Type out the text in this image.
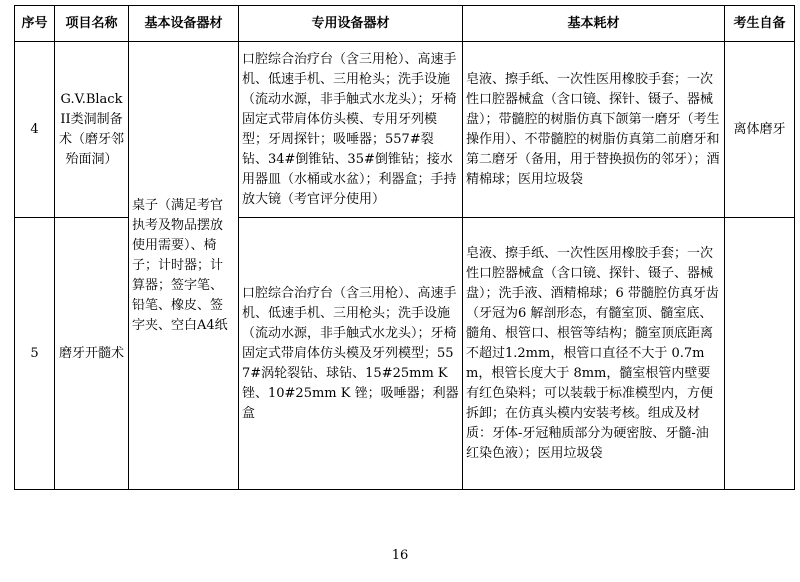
序号	项目名称	基本设备器材	专用设备器材	基本耗材	考生自备
4	G.V.Black II类洞制备术（磨牙邻殆面洞）	桌子（满足考官执考及物品摆放使用需要）、椅子；计时器；计算器；签字笔、铅笔、橡皮、签字夹、空白A4纸	口腔综合治疗台（含三用枪）、高速手机、低速手机、三用枪头；洗手设施（流动水源，非手触式水龙头）；牙椅固定式带肩体仿头模、专用牙列模型；牙周探针；吸唾器；557#裂钻、34#倒锥钻、35#倒锥钻；接水用器皿（水桶或水盆）；利器盒；手持放大镜（考官评分使用）	皂液、擦手纸、一次性医用橡胶手套；一次性口腔器械盒（含口镜、探针、镊子、器械盘）；带髓腔的树脂仿真下颌第一磨牙（考生操作用）、不带髓腔的树脂仿真第二前磨牙和第二磨牙（备用，用于替换损伤的邻牙）；酒精棉球；医用垃圾袋	离体磨牙
5	磨牙开髓术		口腔综合治疗台（含三用枪）、高速手机、低速手机、三用枪头；洗手设施（流动水源，非手触式水龙头）；牙椅固定式带肩体仿头模及牙列模型；557#涡轮裂钻、球钻、15#25mm K 锉、10#25mm K 锉；吸唾器；利器盒	皂液、擦手纸、一次性医用橡胶手套；一次性口腔器械盒（含口镜、探针、镊子、器械盘）；洗手液、酒精棉球；6 带髓腔仿真牙齿（牙冠为6 解剖形态，有髓室顶、髓室底、髓角、根管口、根管等结构；髓室顶底距离不超过1.2mm，根管口直径不大于 0.7mm，根管长度大于 8mm，髓室根管内壁要有红色染料；可以装载于标准模型内，方便拆卸；在仿真头模内安装考核。组成及材质：牙体-牙冠釉质部分为硬密胺、牙髓-油红染色液）；医用垃圾袋	
16
